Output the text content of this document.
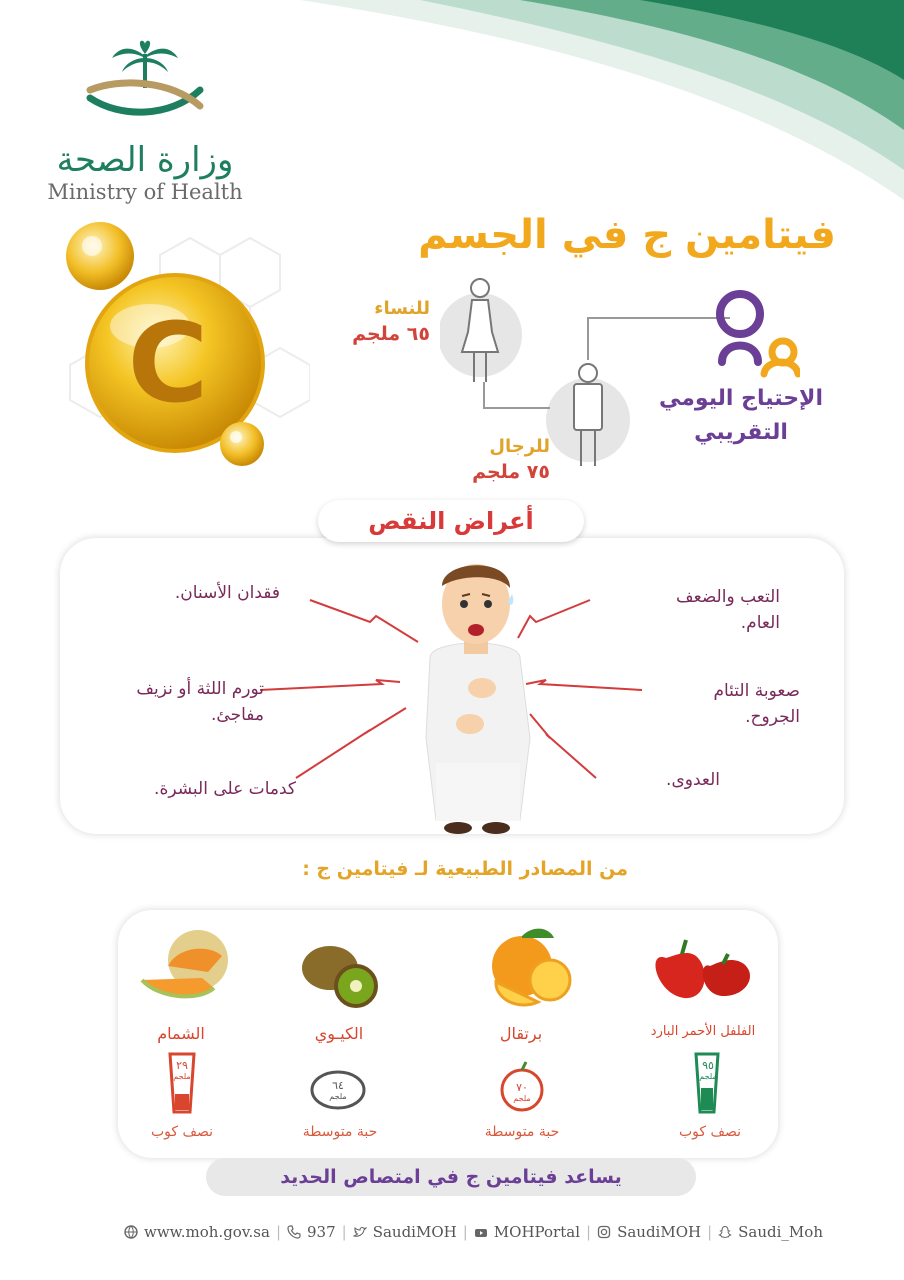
وزارة الصحة
Ministry of Health
فيتامين ج في الجسم
C	للنساء
٦٥ ملجم
للرجال
٧٥ ملجم
الإحتياج اليومي
التقريبي
أعراض النقص
التعب والضعف
العام.
صعوبة التئام
الجروح.
العدوى.
فقدان الأسنان.
تورم اللثة أو نزيف
مفاجئ.
كدمات على البشرة.
من المصادر الطبيعية لـ فيتامين ج :
الفلفل الأحمر البارد
برتقال
الكيـوي
الشمام
٩٥
ملجم
٧٠
ملجم
٦٤
ملجم
٢٩
ملجم
نصف كوب
حبة متوسطة
حبة متوسطة
نصف كوب
يساعد فيتامين ج في امتصاص الحديد
www.moh.gov.sa | 937 | SaudiMOH | MOHPortal | SaudiMOH | Saudi_Moh
